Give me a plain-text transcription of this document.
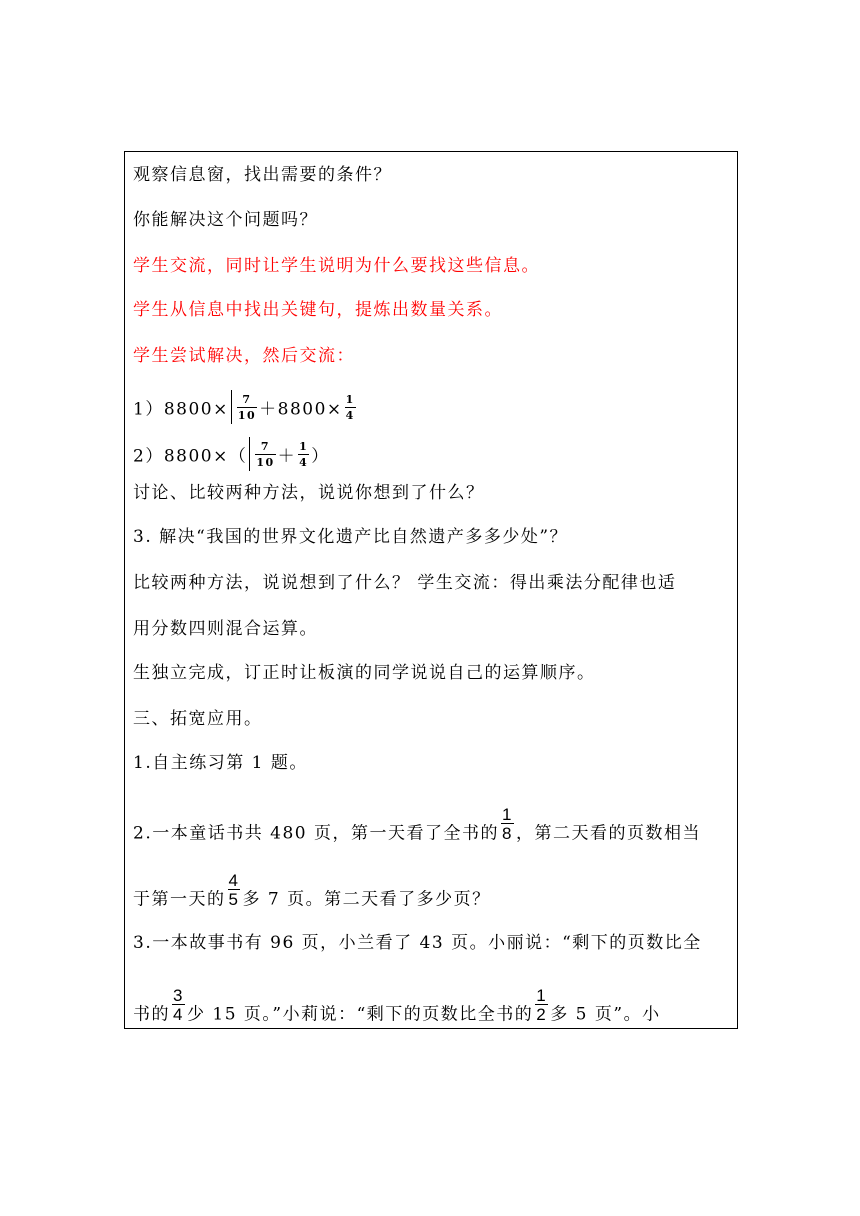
观察信息窗，找出需要的条件？
你能解决这个问题吗？
学生交流，同时让学生说明为什么要找这些信息。
学生从信息中找出关键句，提炼出数量关系。
学生尝试解决，然后交流：
$1)8800\times \frac{7}{10} +8800\times \frac{1}{4}$
$2)8800\times( \frac{7}{10} + \frac{1}{4}$ ）
讨论、比较两种方法，说说你想到了什么？
3. 解决“我国的世界文化遗产比自然遗产多多少处”？
比较两种方法，说说想到了什么？ 学生交流：得出乘法分配律也适
用分数四则混合运算。
生独立完成，订正时让板演的同学说说自己的运算顺序。
三、拓宽应用。
1.自主练习第 1 题。
2.一本童话书共 480 页，第一天看了全书的 $\frac{1}{8}$ ，第二天看的页数相当
于第一天的 $\frac{4}{5}$ 多 7 页。第二天看了多少页？
3.一本故事书有 96 页，小兰看了 43 页。小丽说：“剩下的页数比全
书的 $\frac{3}{4}$ 少 15 页。”小莉说：“剩下的页数比全书的 $\frac{1}{2}$ 多 5 页”。小
